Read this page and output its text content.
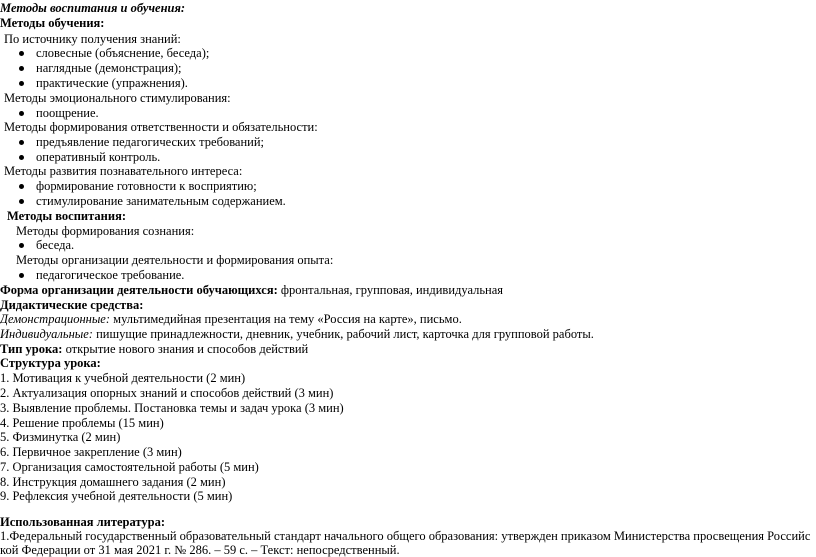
Методы воспитания и обучения:
Методы обучения:
По источнику получения знаний:
словесные (объяснение, беседа);
наглядные (демонстрация);
практические (упражнения).
Методы эмоционального стимулирования:
поощрение.
Методы формирования ответственности и обязательности:
предъявление педагогических требований;
оперативный контроль.
Методы развития познавательного интереса:
формирование готовности к восприятию;
стимулирование занимательным содержанием.
Методы воспитания:
Методы формирования сознания:
беседа.
Методы организации деятельности и формирования опыта:
педагогическое требование.
Форма организации деятельности обучающихся: фронтальная, групповая, индивидуальная
Дидактические средства:
Демонстрационные: мультимедийная презентация на тему «Россия на карте», письмо.
Индивидуальные: пишущие принадлежности, дневник, учебник, рабочий лист, карточка для групповой работы.
Тип урока: открытие нового знания и способов действий
Структура урока:
1. Мотивация к учебной деятельности (2 мин)
2. Актуализация опорных знаний и способов действий (3 мин)
3. Выявление проблемы. Постановка темы и задач урока (3 мин)
4. Решение проблемы (15 мин)
5. Физминутка (2 мин)
6. Первичное закрепление (3 мин)
7. Организация самостоятельной работы (5 мин)
8. Инструкция домашнего задания (2 мин)
9. Рефлексия учебной деятельности (5 мин)
Использованная литература:
1.Федеральный государственный образовательный стандарт начального общего образования: утвержден приказом Министерства просвещения Российс
кой Федерации от 31 мая 2021 г. № 286. – 59 с. – Текст: непосредственный.
